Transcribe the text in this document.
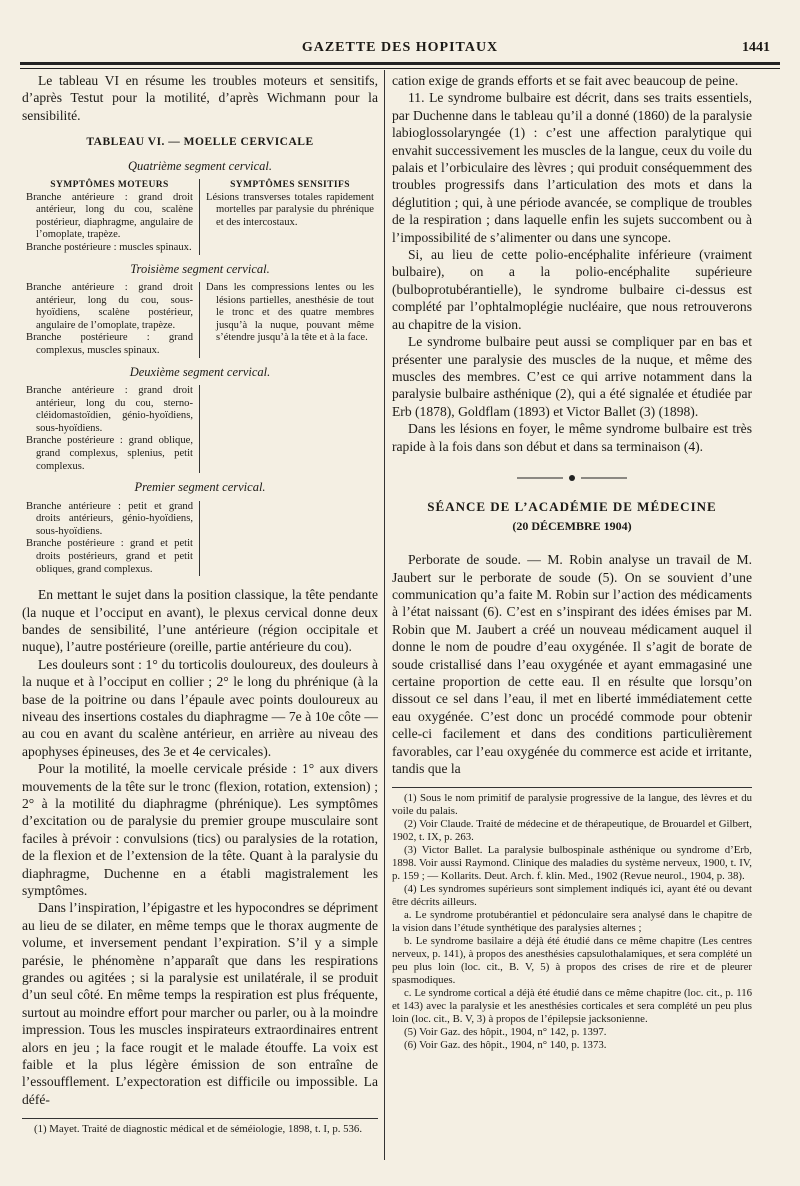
GAZETTE DES HOPITAUX	1441

Le tableau VI en résume les troubles moteurs et sensitifs, d’après Testut pour la motilité, d’après Wichmann pour la sensibilité.

TABLEAU VI. — MOELLE CERVICALE
Quatrième segment cervical.
SYMPTÔMES MOTEURS

Branche antérieure : grand droit antérieur, long du cou, scalène postérieur, diaphragme, angulaire de l’omoplate, trapèze.

Branche postérieure : muscles spinaux.

SYMPTÔMES SENSITIFS

Lésions transverses totales rapidement mortelles par paralysie du phrénique et des intercostaux.

Troisième segment cervical.

Branche antérieure : grand droit antérieur, long du cou, sous-hyoïdiens, scalène postérieur, angulaire de l’omoplate, trapèze.

Branche postérieure : grand complexus, muscles spinaux.

Dans les compressions lentes ou les lésions partielles, anesthésie de tout le tronc et des quatre membres jusqu’à la nuque, pouvant même s’étendre jusqu’à la tête et à la face.

Deuxième segment cervical.

Branche antérieure : grand droit antérieur, long du cou, sterno-cléidomastoïdien, génio-hyoïdiens, sous-hyoïdiens.

Branche postérieure : grand oblique, grand complexus, splenius, petit complexus.

Premier segment cervical.

Branche antérieure : petit et grand droits antérieurs, génio-hyoïdiens, sous-hyoïdiens.

Branche postérieure : grand et petit droits postérieurs, grand et petit obliques, grand complexus.

En mettant le sujet dans la position classique, la tête pendante (la nuque et l’occiput en avant), le plexus cervical donne deux bandes de sensibilité, l’une antérieure (région occipitale et nuque), l’autre postérieure (oreille, partie antérieure du cou).

Les douleurs sont : 1° du torticolis douloureux, des douleurs à la nuque et à l’occiput en collier ; 2° le long du phrénique (à la base de la poitrine ou dans l’épaule avec points douloureux au niveau des insertions costales du diaphragme — 7e à 10e côte — au cou en avant du scalène antérieur, en arrière au niveau des apophyses épineuses, des 3e et 4e cervicales).

Pour la motilité, la moelle cervicale préside : 1° aux divers mouvements de la tête sur le tronc (flexion, rotation, extension) ; 2° à la motilité du diaphragme (phrénique). Les symptômes d’excitation ou de paralysie du premier groupe musculaire sont faciles à prévoir : convulsions (tics) ou paralysies de la rotation, de la flexion et de l’extension de la tête. Quant à la paralysie du diaphragme, Duchenne en a établi magistralement les symptômes.

Dans l’inspiration, l’épigastre et les hypocondres se dépriment au lieu de se dilater, en même temps que le thorax augmente de volume, et inversement pendant l’expiration. S’il y a simple parésie, le phénomène n’apparaît que dans les respirations grandes ou agitées ; si la paralysie est unilatérale, il se produit d’un seul côté. En même temps la respiration est plus fréquente, surtout au moindre effort pour marcher ou parler, ou à la moindre impression. Tous les muscles inspirateurs extraordinaires entrent alors en jeu ; la face rougit et le malade étouffe. La voix est faible et la plus légère émission de son entraîne de l’essoufflement. L’expectoration est difficile ou impossible. La défé-

(1) Mayet. Traité de diagnostic médical et de séméiologie, 1898, t. I, p. 536.

cation exige de grands efforts et se fait avec beaucoup de peine.

11. Le syndrome bulbaire est décrit, dans ses traits essentiels, par Duchenne dans le tableau qu’il a donné (1860) de la paralysie labioglossolaryngée (1) : c’est une affection paralytique qui envahit successivement les muscles de la langue, ceux du voile du palais et l’orbiculaire des lèvres ; qui produit conséquemment des troubles progressifs dans l’articulation des mots et dans la déglutition ; qui, à une période avancée, se complique de troubles de la respiration ; dans laquelle enfin les sujets succombent ou à l’impossibilité de s’alimenter ou dans une syncope.

Si, au lieu de cette polio-encéphalite inférieure (vraiment bulbaire), on a la polio-encéphalite supérieure (bulboprotubérantielle), le syndrome bulbaire ci-dessus est complété par l’ophtalmoplégie nucléaire, que nous retrouverons au chapitre de la vision.

Le syndrome bulbaire peut aussi se compliquer par en bas et présenter une paralysie des muscles de la nuque, et même des muscles des membres. C’est ce qui arrive notamment dans la paralysie bulbaire asthénique (2), qui a été signalée et étudiée par Erb (1878), Goldflam (1893) et Victor Ballet (3) (1898).

Dans les lésions en foyer, le même syndrome bulbaire est très rapide à la fois dans son début et dans sa terminaison (4).

SÉANCE DE L’ACADÉMIE DE MÉDECINE
(20 DÉCEMBRE 1904)

Perborate de soude. — M. Robin analyse un travail de M. Jaubert sur le perborate de soude (5). On se souvient d’une communication qu’a faite M. Robin sur l’action des médicaments à l’état naissant (6). C’est en s’inspirant des idées émises par M. Robin que M. Jaubert a créé un nouveau médicament auquel il donne le nom de poudre d’eau oxygénée. Il s’agit de borate de soude cristallisé dans l’eau oxygénée et ayant emmagasiné une certaine proportion de cette eau. Il en résulte que lorsqu’on dissout ce sel dans l’eau, il met en liberté immédiatement cette eau oxygénée. C’est donc un procédé commode pour obtenir celle-ci facilement et dans des conditions particulièrement favorables, car l’eau oxygénée du commerce est acide et irritante, tandis que la

(1) Sous le nom primitif de paralysie progressive de la langue, des lèvres et du voile du palais.

(2) Voir Claude. Traité de médecine et de thérapeutique, de Brouardel et Gilbert, 1902, t. IX, p. 263.

(3) Victor Ballet. La paralysie bulbospinale asthénique ou syndrome d’Erb, 1898. Voir aussi Raymond. Clinique des maladies du système nerveux, 1900, t. IV, p. 159 ; — Kollarits. Deut. Arch. f. klin. Med., 1902 (Revue neurol., 1904, p. 38).

(4) Les syndromes supérieurs sont simplement indiqués ici, ayant été ou devant être décrits ailleurs.

a. Le syndrome protubérantiel et pédonculaire sera analysé dans le chapitre de la vision dans l’étude synthétique des paralysies alternes ;

b. Le syndrome basilaire a déjà été étudié dans ce même chapitre (Les centres nerveux, p. 141), à propos des anesthésies capsulothalamiques, et sera complété un peu plus loin (loc. cit., B. V, 5) à propos des crises de rire et de pleurer spasmodiques.

c. Le syndrome cortical a déjà été étudié dans ce même chapitre (loc. cit., p. 116 et 143) avec la paralysie et les anesthésies corticales et sera complété un peu plus loin (loc. cit., B. V, 3) à propos de l’épilepsie jacksonienne.

(5) Voir Gaz. des hôpit., 1904, n° 142, p. 1397.

(6) Voir Gaz. des hôpit., 1904, n° 140, p. 1373.
